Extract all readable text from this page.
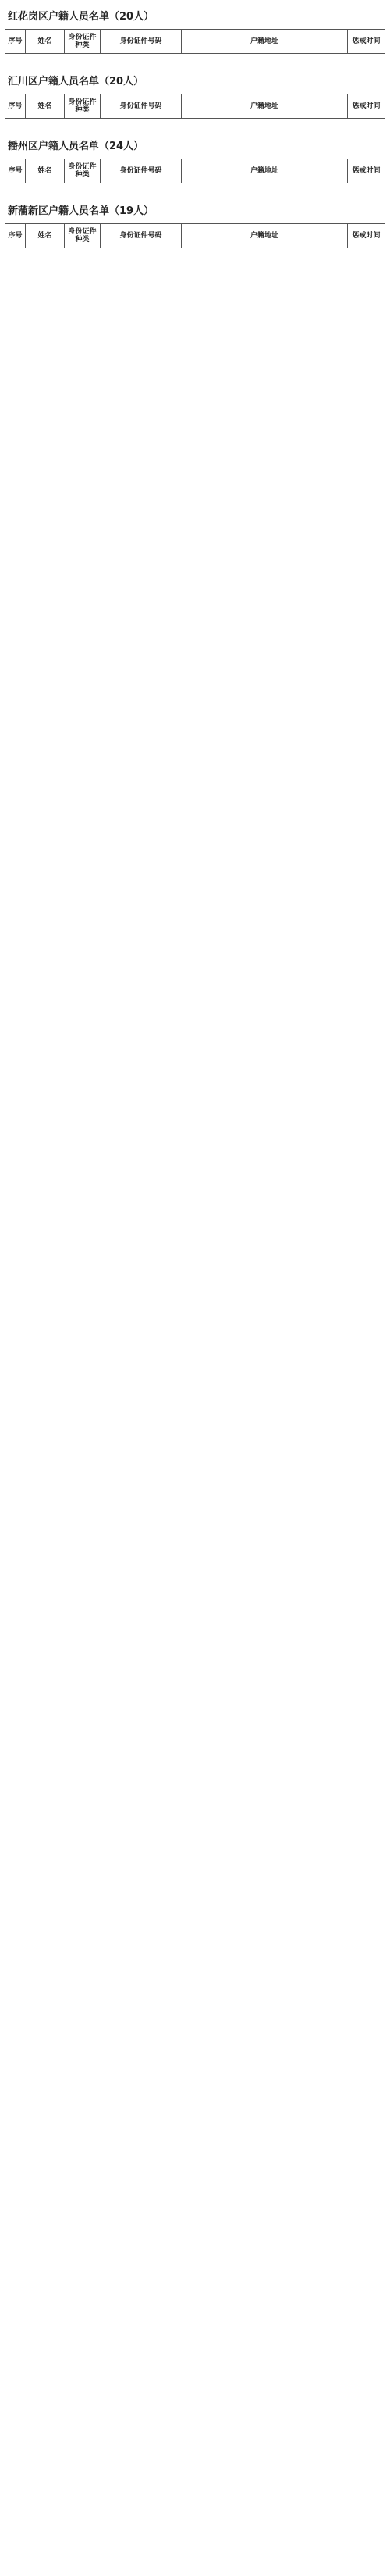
红花岗区户籍人员名单（20人）
序号	姓名	身份证件种类	身份证件号码	户籍地址	惩戒时间
汇川区户籍人员名单（20人）
序号	姓名	身份证件种类	身份证件号码	户籍地址	惩戒时间
播州区户籍人员名单（24人）
序号	姓名	身份证件种类	身份证件号码	户籍地址	惩戒时间
新蒲新区户籍人员名单（19人）
序号	姓名	身份证件种类	身份证件号码	户籍地址	惩戒时间
